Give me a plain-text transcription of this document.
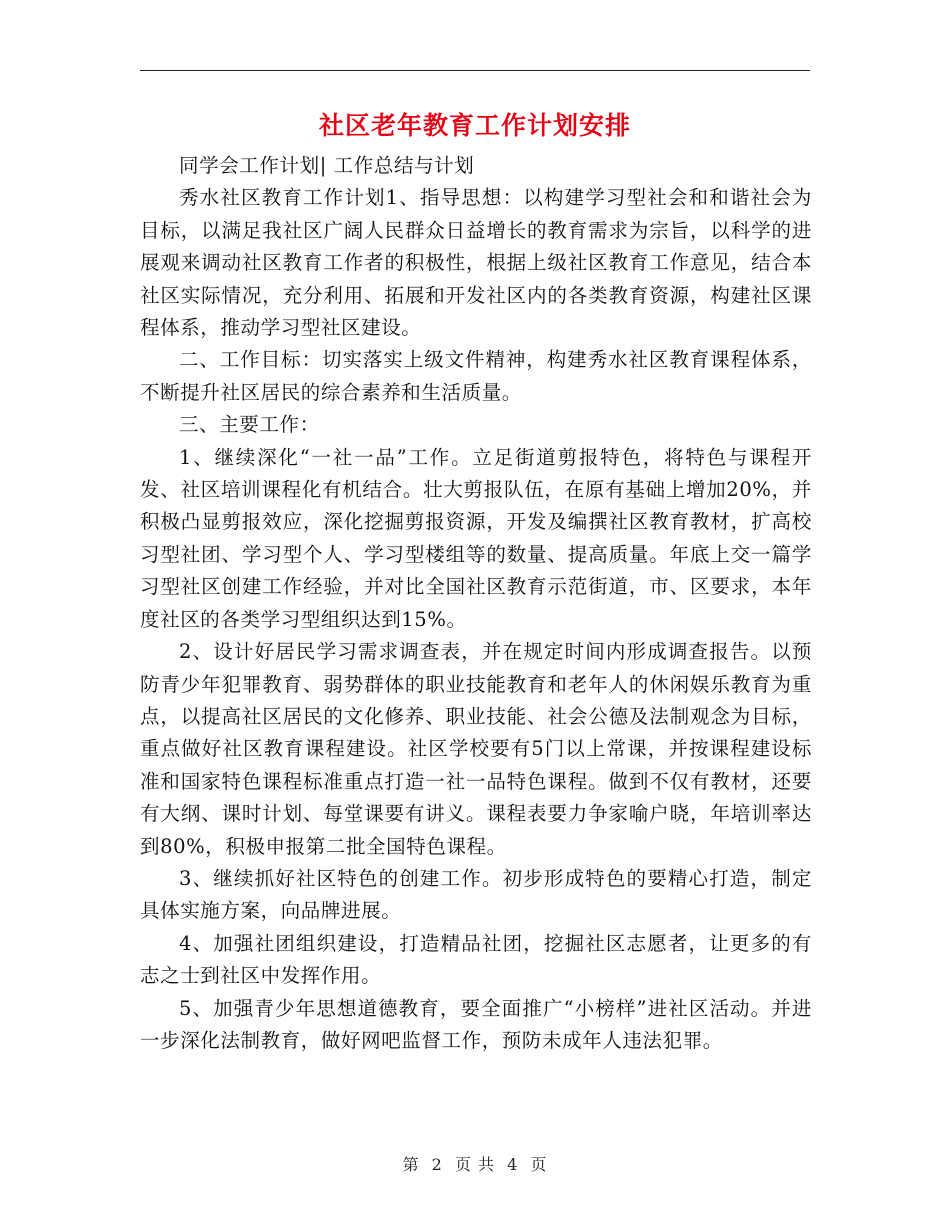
社区老年教育工作计划安排

同学会工作计划| 工作总结与计划

秀水社区教育工作计划1、指导思想：以构建学习型社会和和谐社会为目标，以满足我社区广阔人民群众日益增长的教育需求为宗旨，以科学的进展观来调动社区教育工作者的积极性，根据上级社区教育工作意见，结合本社区实际情况，充分利用、拓展和开发社区内的各类教育资源，构建社区课程体系，推动学习型社区建设。

二、工作目标：切实落实上级文件精神，构建秀水社区教育课程体系，不断提升社区居民的综合素养和生活质量。

三、主要工作：

1、继续深化“一社一品”工作。立足街道剪报特色，将特色与课程开发、社区培训课程化有机结合。壮大剪报队伍，在原有基础上增加20%，并积极凸显剪报效应，深化挖掘剪报资源，开发及编撰社区教育教材，扩高校习型社团、学习型个人、学习型楼组等的数量、提高质量。年底上交一篇学习型社区创建工作经验，并对比全国社区教育示范街道，市、区要求，本年度社区的各类学习型组织达到15%。

2、设计好居民学习需求调查表，并在规定时间内形成调查报告。以预防青少年犯罪教育、弱势群体的职业技能教育和老年人的休闲娱乐教育为重点，以提高社区居民的文化修养、职业技能、社会公德及法制观念为目标，重点做好社区教育课程建设。社区学校要有5门以上常课，并按课程建设标准和国家特色课程标准重点打造一社一品特色课程。做到不仅有教材，还要有大纲、课时计划、每堂课要有讲义。课程表要力争家喻户晓，年培训率达到80%，积极申报第二批全国特色课程。

3、继续抓好社区特色的创建工作。初步形成特色的要精心打造，制定具体实施方案，向品牌进展。

4、加强社团组织建设，打造精品社团，挖掘社区志愿者，让更多的有志之士到社区中发挥作用。

5、加强青少年思想道德教育，要全面推广“小榜样”进社区活动。并进一步深化法制教育，做好网吧监督工作，预防未成年人违法犯罪。

第 2 页 共 4 页
